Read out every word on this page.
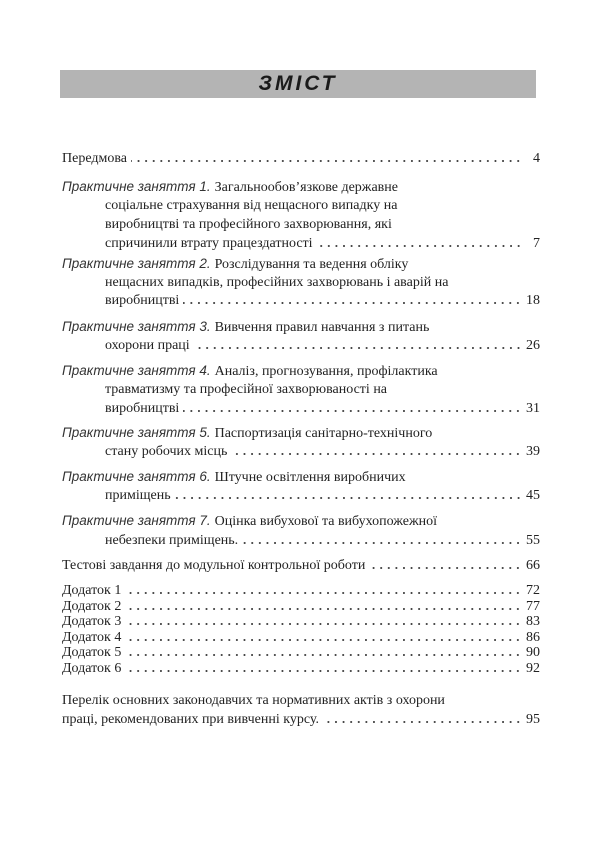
ЗМІСТ
Передмова	4
Практичне заняття 1. Загальнообов’язкове державне
соціальне страхування від нещасного випадку на
виробництві та професійного захворювання, які
спричинили втрату працездатності	7
Практичне заняття 2. Розслідування та ведення обліку
нещасних випадків, професійних захворювань і аварій на
виробництві	18
Практичне заняття 3. Вивчення правил навчання з питань
охорони праці	26
Практичне заняття 4. Аналіз, прогнозування, профілактика
травматизму та професійної захворюваності на
виробництві	31
Практичне заняття 5. Паспортизація санітарно-технічного
стану робочих місць	39
Практичне заняття 6. Штучне освітлення виробничих
приміщень	45
Практичне заняття 7. Оцінка вибухової та вибухопожежної
небезпеки приміщень.	55
Тестові завдання до модульної контрольної роботи	66
Додаток 1	72
Додаток 2	77
Додаток 3	83
Додаток 4	86
Додаток 5	90
Додаток 6	92
Перелік основних законодавчих та нормативних актів з охорони
праці, рекомендованих при вивченні курсу.	95
